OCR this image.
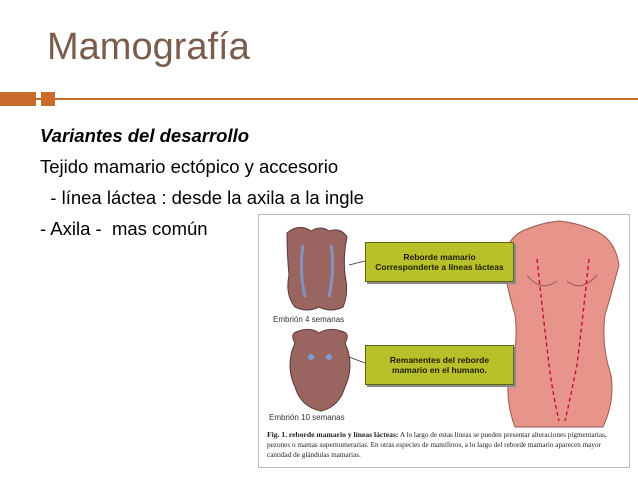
Mamografía
Variantes del desarrollo
Tejido mamario ectópico y accesorio
- línea láctea : desde la axila a la ingle
- Axila -  mas común
Reborde mamario
Corresponderte a líneas lácteas
Remanentes del reborde
mamario en el humano.
Embrión 4 semanas
Embrión 10 semanas
Fig. 1. reborde mamario y líneas lácteas: A lo largo de estas líneas se pueden presentar alteraciones pigmentarias, pezones o mamas supernumerarias. En otras especies de mamíferos, a lo largo del reborde mamario aparecen mayor cantidad de glándulas mamarias.
